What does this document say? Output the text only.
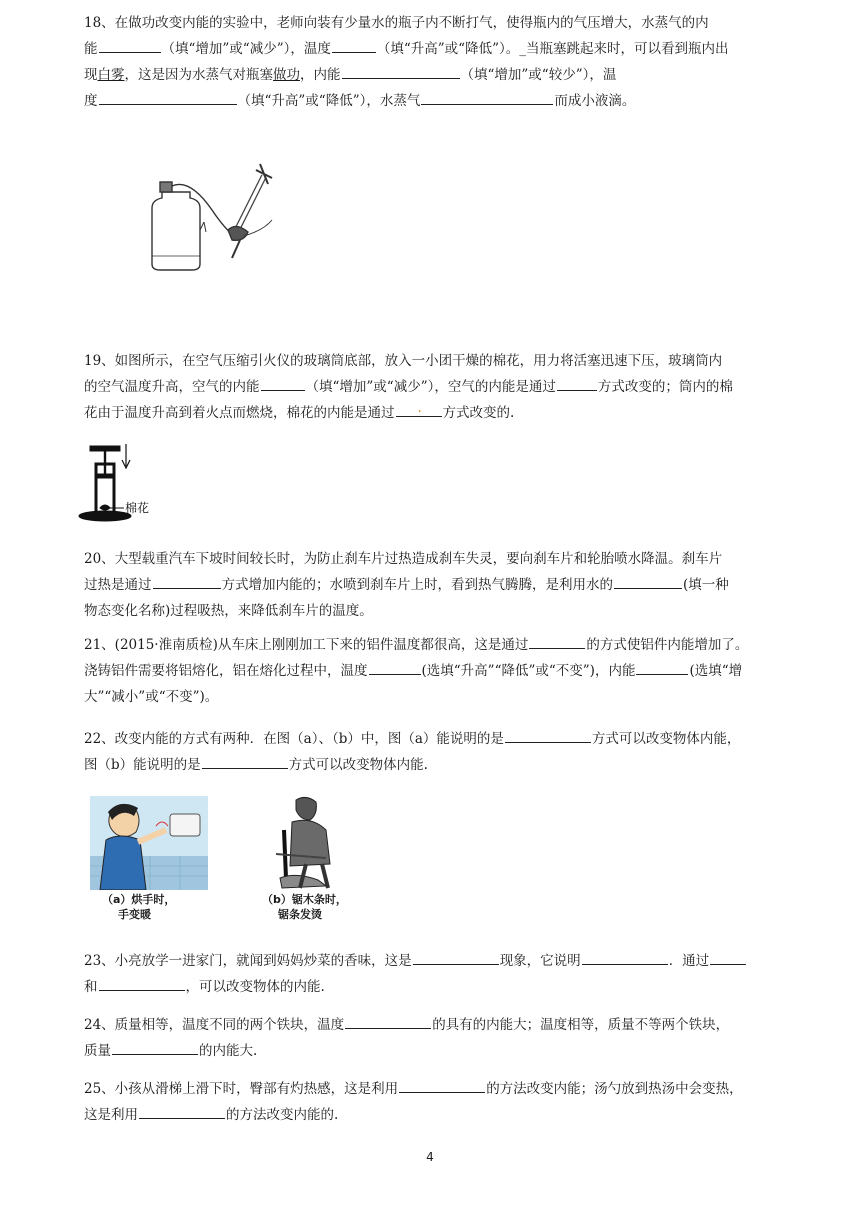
18、在做功改变内能的实验中，老师向装有少量水的瓶子内不断打气，使得瓶内的气压增大，水蒸气的内

能	（填“增加”或“减少”），温度	（填“升高”或“降低”）。_当瓶塞跳起来时，可以看到瓶内出

现白雾，这是因为水蒸气对瓶塞做功，内能	（填“增加”或“较少”），温

度	（填“升高”或“降低”），水蒸气	而成小液滴。

19、如图所示，在空气压缩引火仪的玻璃筒底部，放入一小团干燥的棉花，用力将活塞迅速下压，玻璃筒内

的空气温度升高，空气的内能	（填“增加”或“减少”），空气的内能是通过	方式改变的；筒内的棉

花由于温度升高到着火点而燃烧，棉花的内能是通过 . 方式改变的.

棉花

20、大型载重汽车下坡时间较长时，为防止刹车片过热造成刹车失灵，要向刹车片和轮胎喷水降温。刹车片

过热是通过	方式增加内能的；水喷到刹车片上时，看到热气腾腾，是利用水的	(填一种

物态变化名称)过程吸热，来降低刹车片的温度。

21、(2015·淮南质检)从车床上刚刚加工下来的铝件温度都很高，这是通过	的方式使铝件内能增加了。

浇铸铝件需要将铝熔化，铝在熔化过程中，温度	(选填“升高”“降低”或“不变”)，内能	(选填“增

大”“减小”或“不变”)。

22、改变内能的方式有两种．在图（a）、（b）中，图（a）能说明的是	方式可以改变物体内能，

图（b）能说明的是	方式可以改变物体内能.

（a）烘手时，
手变暖
（b）锯木条时，
锯条发烫

23、小亮放学一进家门，就闻到妈妈炒菜的香味，这是	现象，它说明	．通过

和	，可以改变物体的内能.

24、质量相等，温度不同的两个铁块，温度	的具有的内能大；温度相等，质量不等两个铁块，

质量	的内能大.

25、小孩从滑梯上滑下时，臀部有灼热感，这是利用	的方法改变内能；汤勺放到热汤中会变热，

这是利用	的方法改变内能的.

4
